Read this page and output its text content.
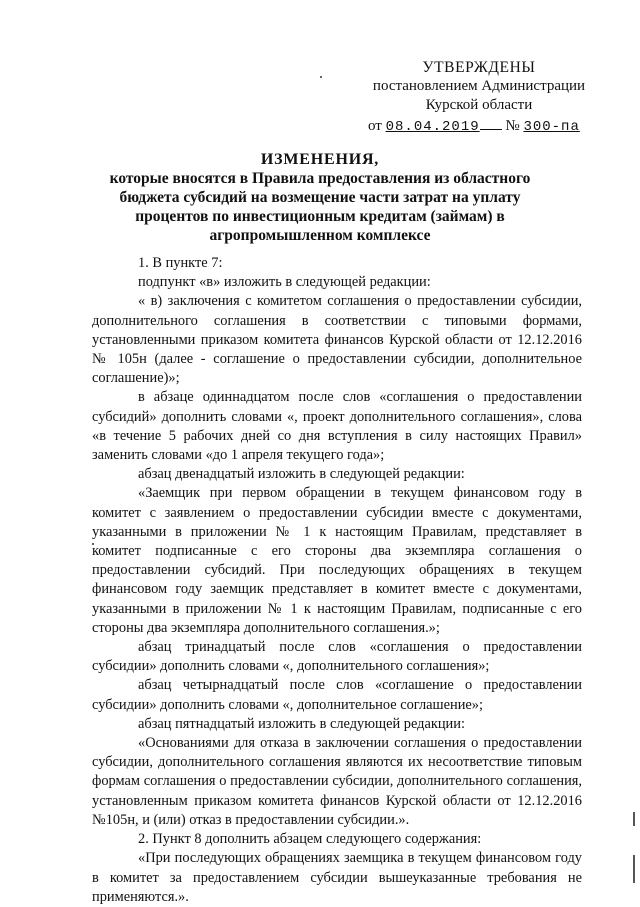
УТВЕРЖДЕНЫ
постановлением Администрации
Курской области
от 08.04.2019 № 300-па
ИЗМЕНЕНИЯ,
которые вносятся в Правила предоставления из областного бюджета субсидий на возмещение части затрат на уплату процентов по инвестиционным кредитам (займам) в агропромышленном комплексе

1. В пункте 7:

подпункт «в» изложить в следующей редакции:

« в) заключения с комитетом соглашения о предоставлении субсидии, дополнительного соглашения в соответствии с типовыми формами, установленными приказом комитета финансов Курской области от 12.12.2016 № 105н (далее - соглашение о предоставлении субсидии, дополнительное соглашение)»;

в абзаце одиннадцатом после слов «соглашения о предоставлении субсидий» дополнить словами «, проект дополнительного соглашения», слова «в течение 5 рабочих дней со дня вступления в силу настоящих Правил» заменить словами «до 1 апреля текущего года»;

абзац двенадцатый изложить в следующей редакции:

«Заемщик при первом обращении в текущем финансовом году в комитет с заявлением о предоставлении субсидии вместе с документами, указанными в приложении № 1 к настоящим Правилам, представляет в комитет подписанные с его стороны два экземпляра соглашения о предоставлении субсидий. При последующих обращениях в текущем финансовом году заемщик представляет в комитет вместе с документами, указанными в приложении № 1 к настоящим Правилам, подписанные с его стороны два экземпляра дополнительного соглашения.»;

абзац тринадцатый после слов «соглашения о предоставлении субсидии» дополнить словами «, дополнительного соглашения»;

абзац четырнадцатый после слов «соглашение о предоставлении субсидии» дополнить словами «, дополнительное соглашение»;

абзац пятнадцатый изложить в следующей редакции:

«Основаниями для отказа в заключении соглашения о предоставлении субсидии, дополнительного соглашения являются их несоответствие типовым формам соглашения о предоставлении субсидии, дополнительного соглашения, установленным приказом комитета финансов Курской области от 12.12.2016 №105н, и (или) отказ в предоставлении субсидии.».

2. Пункт 8 дополнить абзацем следующего содержания:

«При последующих обращениях заемщика в текущем финансовом году в комитет за предоставлением субсидии вышеуказанные требования не применяются.».
